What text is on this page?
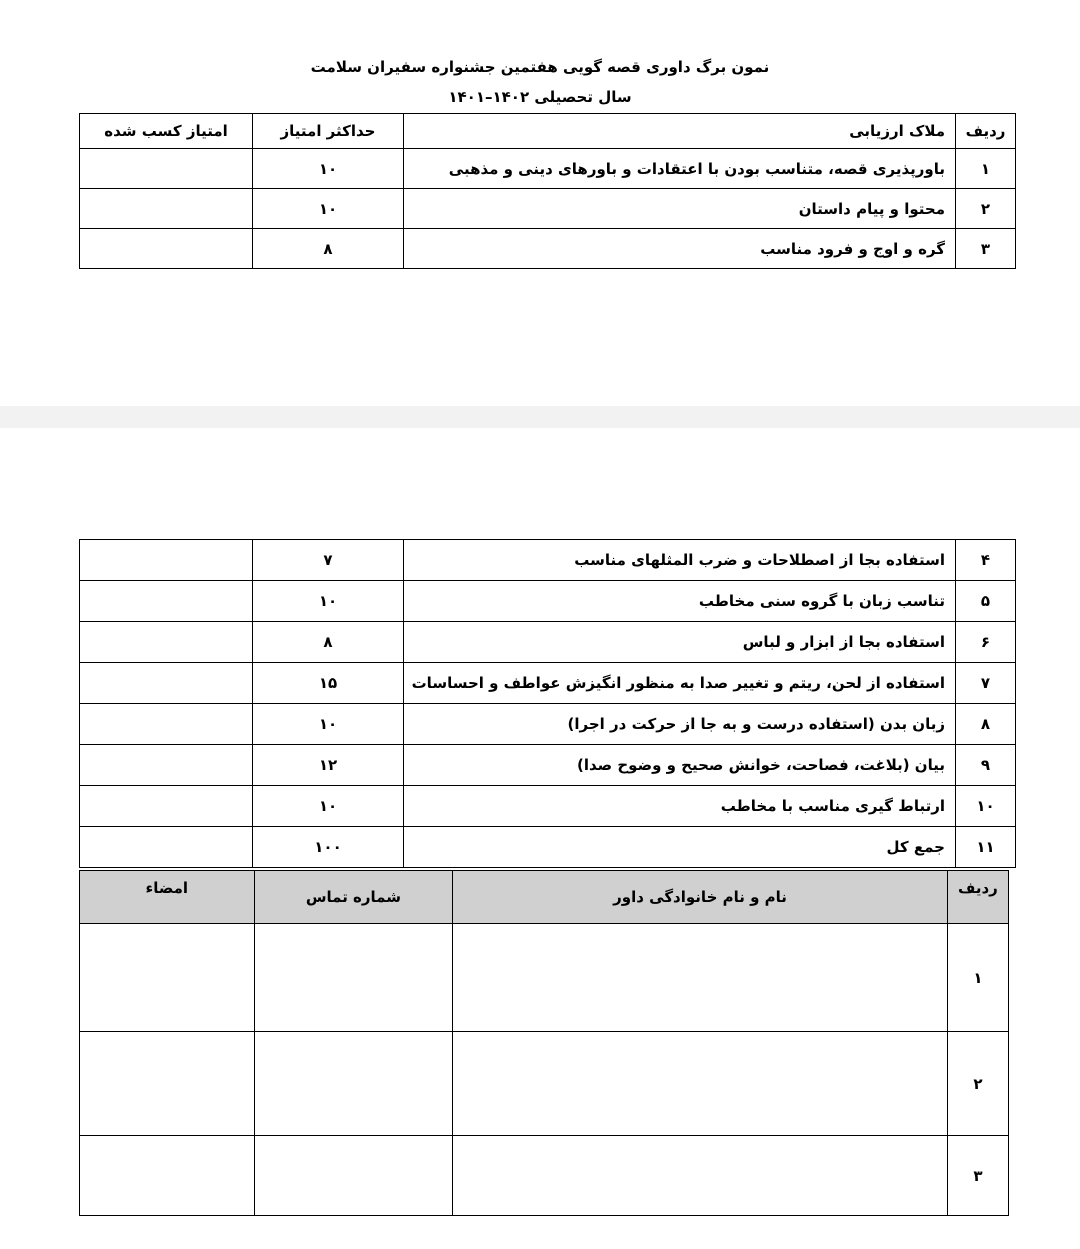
نمون برگ داوری قصه گویی هفتمین جشنواره سفیران سلامت
سال تحصیلی ۱۴۰۲–۱۴۰۱
ردیف	ملاک ارزیابی	حداکثر امتیاز	امتیاز کسب شده
۱	باورپذیری قصه، متناسب بودن با اعتقادات و باورهای دینی و مذهبی	۱۰	
۲	محتوا و پیام داستان	۱۰	
۳	گره و اوج و فرود مناسب	۸	
۴	استفاده بجا از اصطلاحات و ضرب المثلهای مناسب	۷	
۵	تناسب زبان با گروه سنی مخاطب	۱۰	
۶	استفاده بجا از ابزار و لباس	۸	
۷	استفاده از لحن، ریتم و تغییر صدا به منظور انگیزش عواطف و احساسات	۱۵	
۸	زبان بدن (استفاده درست و به جا از حرکت در اجرا)	۱۰	
۹	بیان (بلاغت، فصاحت، خوانش صحیح و وضوح صدا)	۱۲	
۱۰	ارتباط گیری مناسب با مخاطب	۱۰	
۱۱	جمع کل	۱۰۰	
ردیف	نام و نام خانوادگی داور	شماره تماس	امضاء
۱			
۲			
۳			
